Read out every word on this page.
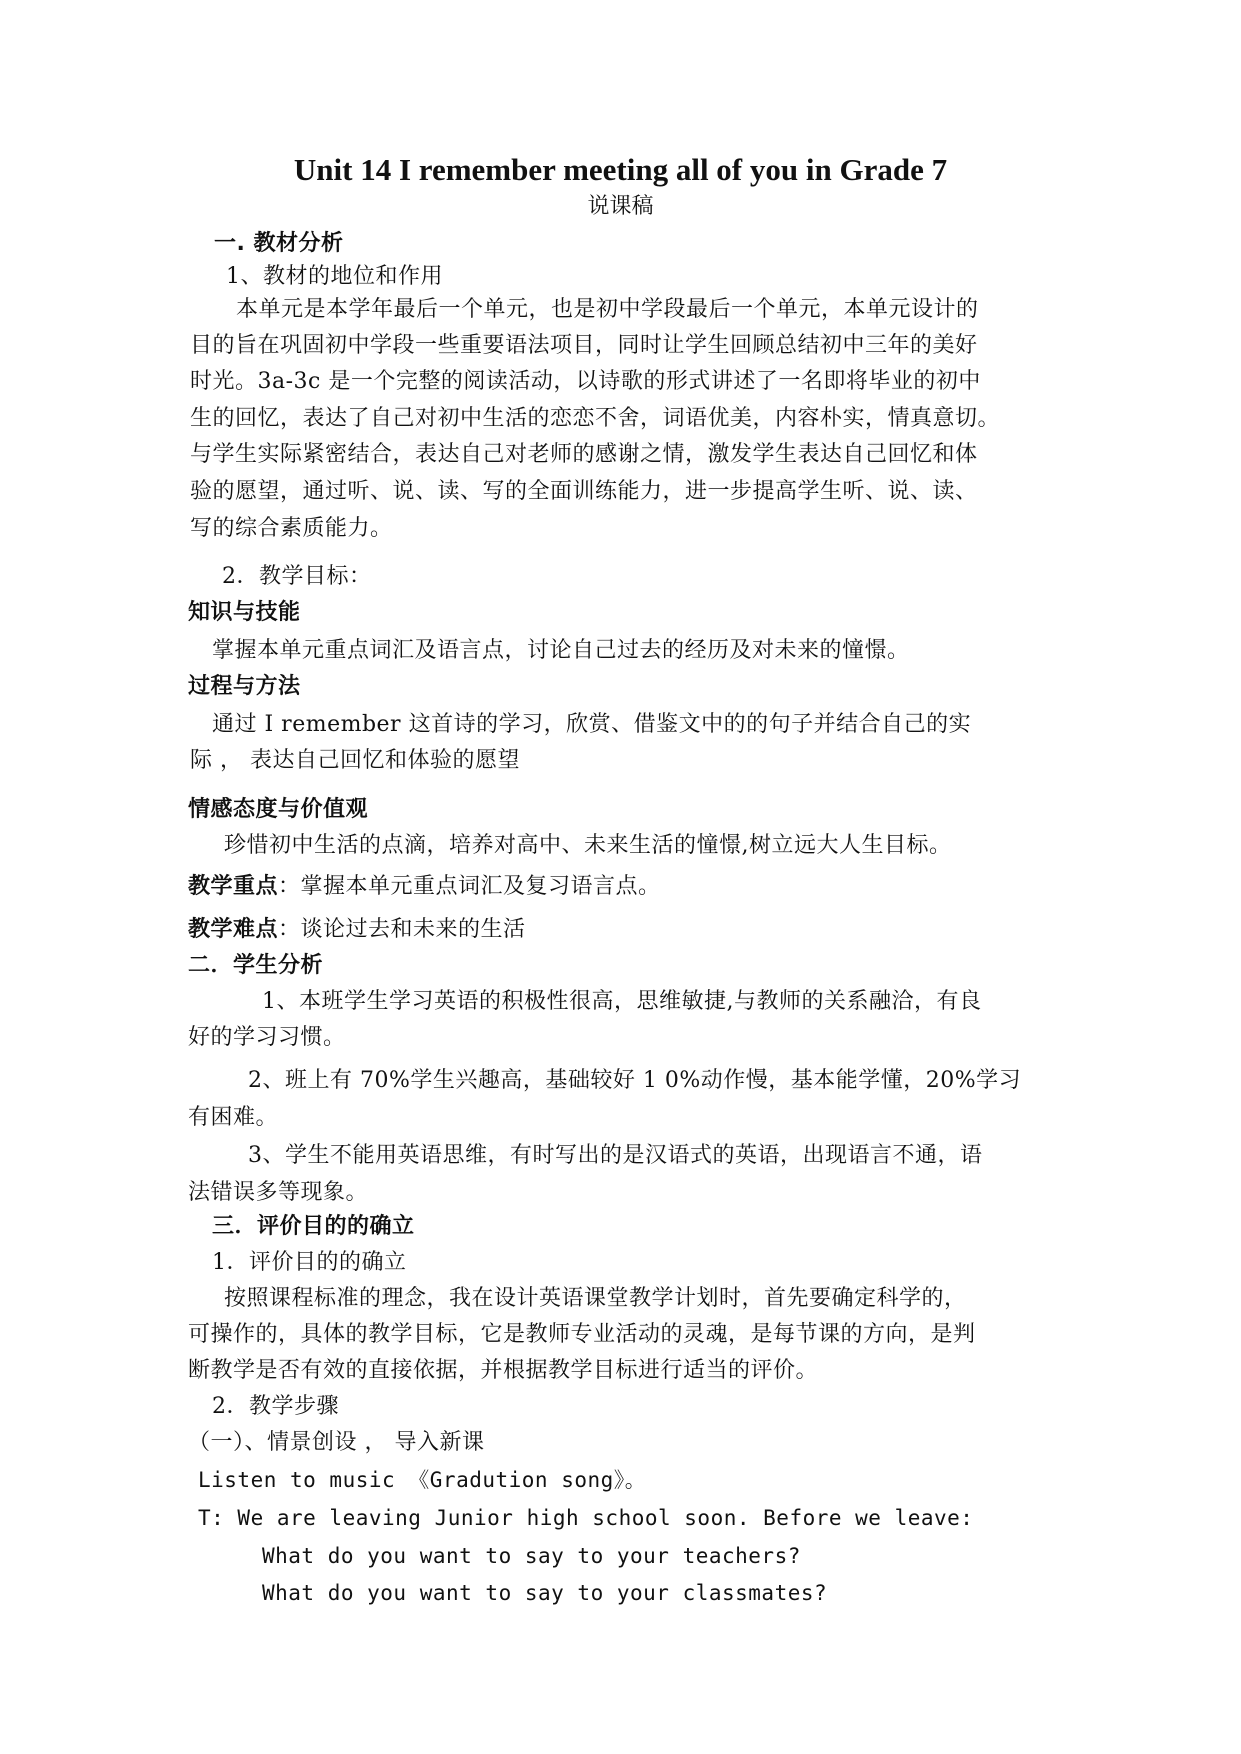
Unit 14 I remember meeting all of you in Grade 7
说课稿
一. 教材分析
1、教材的地位和作用
本单元是本学年最后一个单元，也是初中学段最后一个单元，本单元设计的
目的旨在巩固初中学段一些重要语法项目，同时让学生回顾总结初中三年的美好
时光。3a-3c 是一个完整的阅读活动，以诗歌的形式讲述了一名即将毕业的初中
生的回忆，表达了自己对初中生活的恋恋不舍，词语优美，内容朴实，情真意切。
与学生实际紧密结合，表达自己对老师的感谢之情，激发学生表达自己回忆和体
验的愿望，通过听、说、读、写的全面训练能力，进一步提高学生听、说、读、
写的综合素质能力。
2．教学目标：
知识与技能
掌握本单元重点词汇及语言点，讨论自己过去的经历及对未来的憧憬。
过程与方法
通过 I remember 这首诗的学习，欣赏、借鉴文中的的句子并结合自己的实
际 ， 表达自己回忆和体验的愿望
情感态度与价值观
珍惜初中生活的点滴，培养对高中、未来生活的憧憬,树立远大人生目标。
教学重点：掌握本单元重点词汇及复习语言点。
教学难点：谈论过去和未来的生活
二．学生分析
1、本班学生学习英语的积极性很高，思维敏捷,与教师的关系融洽，有良
好的学习习惯。
2、班上有 70%学生兴趣高，基础较好 1 0%动作慢，基本能学懂，20%学习
有困难。
3、学生不能用英语思维，有时写出的是汉语式的英语，出现语言不通，语
法错误多等现象。
三．评价目的的确立
1．评价目的的确立
按照课程标准的理念，我在设计英语课堂教学计划时，首先要确定科学的，
可操作的，具体的教学目标，它是教师专业活动的灵魂，是每节课的方向，是判
断教学是否有效的直接依据，并根据教学目标进行适当的评价。
2．教学步骤
（一）、情景创设 ， 导入新课
Listen to music 《Gradution song》。
T: We are leaving Junior high school soon. Before we leave:
What do you want to say to your teachers?
What do you want to say to your classmates?
